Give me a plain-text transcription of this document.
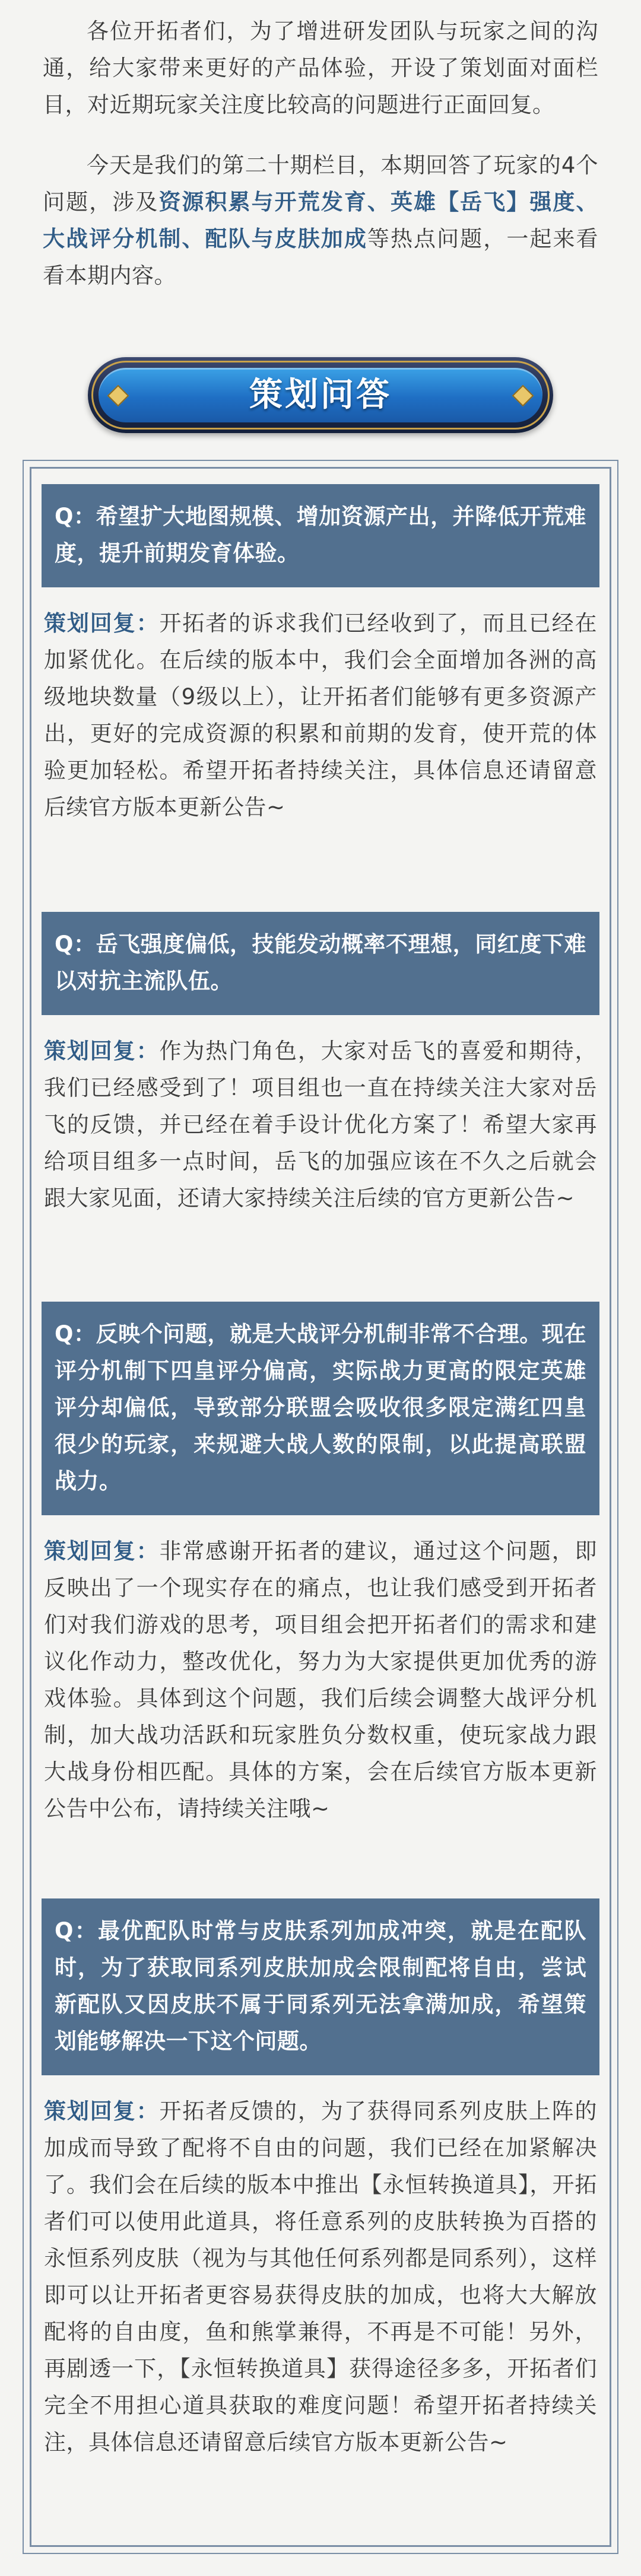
各位开拓者们，为了增进研发团队与玩家之间的沟通，给大家带来更好的产品体验，开设了策划面对面栏目，对近期玩家关注度比较高的问题进行正面回复。

今天是我们的第二十期栏目，本期回答了玩家的4个问题，涉及资源积累与开荒发育、英雄【岳飞】强度、大战评分机制、配队与皮肤加成等热点问题，一起来看看本期内容。

策划问答
Q：希望扩大地图规模、增加资源产出，并降低开荒难度，提升前期发育体验。
策划回复：开拓者的诉求我们已经收到了，而且已经在加紧优化。在后续的版本中，我们会全面增加各洲的高级地块数量（9级以上），让开拓者们能够有更多资源产出，更好的完成资源的积累和前期的发育，使开荒的体验更加轻松。希望开拓者持续关注，具体信息还请留意后续官方版本更新公告~
Q：岳飞强度偏低，技能发动概率不理想，同红度下难以对抗主流队伍。
策划回复：作为热门角色，大家对岳飞的喜爱和期待，我们已经感受到了！项目组也一直在持续关注大家对岳飞的反馈，并已经在着手设计优化方案了！希望大家再给项目组多一点时间，岳飞的加强应该在不久之后就会跟大家见面，还请大家持续关注后续的官方更新公告~
Q：反映个问题，就是大战评分机制非常不合理。现在评分机制下四皇评分偏高，实际战力更高的限定英雄评分却偏低，导致部分联盟会吸收很多限定满红四皇很少的玩家，来规避大战人数的限制，以此提高联盟战力。
策划回复：非常感谢开拓者的建议，通过这个问题，即反映出了一个现实存在的痛点，也让我们感受到开拓者们对我们游戏的思考，项目组会把开拓者们的需求和建议化作动力，整改优化，努力为大家提供更加优秀的游戏体验。具体到这个问题，我们后续会调整大战评分机制，加大战功活跃和玩家胜负分数权重，使玩家战力跟大战身份相匹配。具体的方案，会在后续官方版本更新公告中公布，请持续关注哦~
Q：最优配队时常与皮肤系列加成冲突，就是在配队时，为了获取同系列皮肤加成会限制配将自由，尝试新配队又因皮肤不属于同系列无法拿满加成，希望策划能够解决一下这个问题。
策划回复：开拓者反馈的，为了获得同系列皮肤上阵的加成而导致了配将不自由的问题，我们已经在加紧解决了。我们会在后续的版本中推出【永恒转换道具】，开拓者们可以使用此道具，将任意系列的皮肤转换为百搭的永恒系列皮肤（视为与其他任何系列都是同系列），这样即可以让开拓者更容易获得皮肤的加成，也将大大解放配将的自由度，鱼和熊掌兼得，不再是不可能！另外，再剧透一下，【永恒转换道具】获得途径多多，开拓者们完全不用担心道具获取的难度问题！希望开拓者持续关注，具体信息还请留意后续官方版本更新公告~
